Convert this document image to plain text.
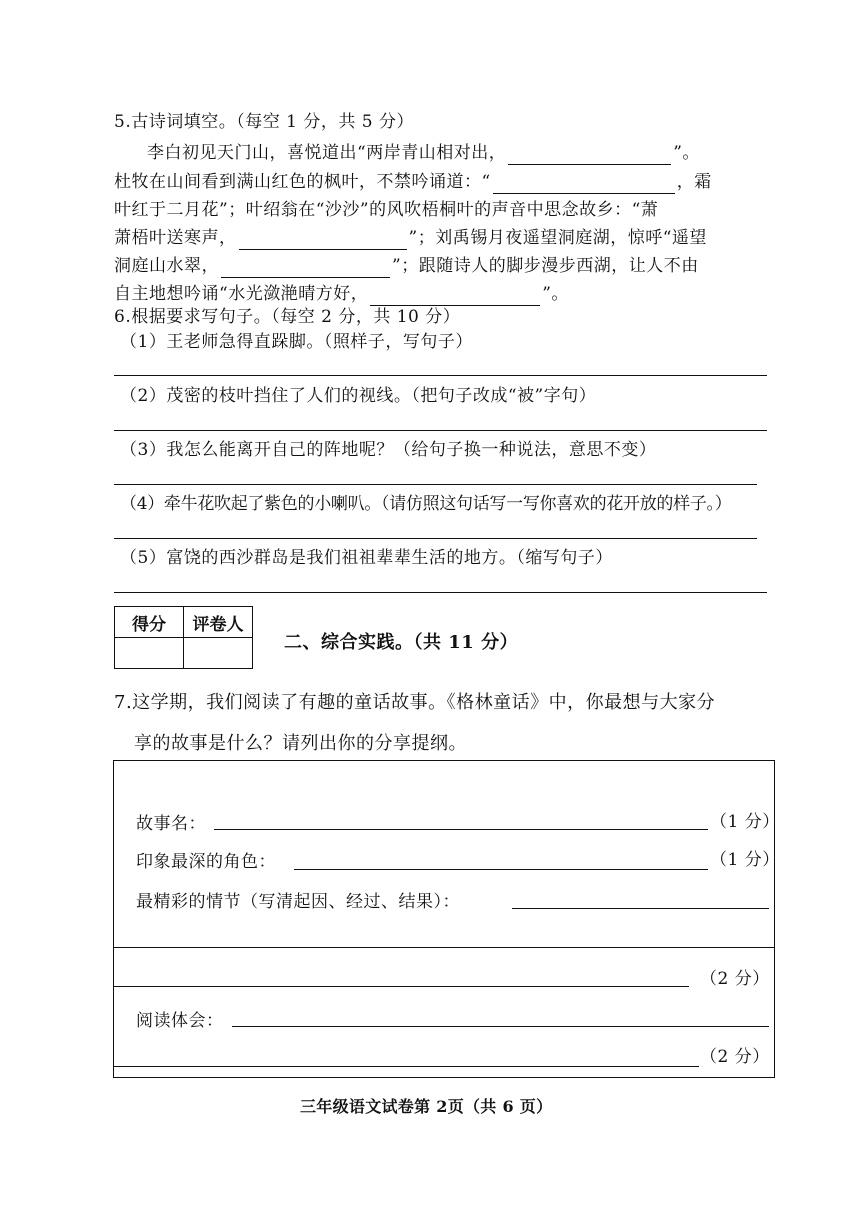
5.古诗词填空。（每空 1 分，共 5 分）
李白初见天门山，喜悦道出“两岸青山相对出，	”。
杜牧在山间看到满山红色的枫叶，不禁吟诵道：“	，霜
叶红于二月花”；叶绍翁在“沙沙”的风吹梧桐叶的声音中思念故乡：“萧
萧梧叶送寒声，	”；刘禹锡月夜遥望洞庭湖，惊呼“遥望
洞庭山水翠，	”；跟随诗人的脚步漫步西湖，让人不由
自主地想吟诵“水光潋滟晴方好，	”。
6.根据要求写句子。（每空 2 分，共 10 分）
（1）王老师急得直跺脚。（照样子，写句子）
（2）茂密的枝叶挡住了人们的视线。（把句子改成“被”字句）
（3）我怎么能离开自己的阵地呢？（给句子换一种说法，意思不变）
（4）牵牛花吹起了紫色的小喇叭。（请仿照这句话写一写你喜欢的花开放的样子。）
（5）富饶的西沙群岛是我们祖祖辈辈生活的地方。（缩写句子）
得分	评卷人

二、综合实践。（共 11 分）
7.这学期，我们阅读了有趣的童话故事。《格林童话》中，你最想与大家分
享的故事是什么？请列出你的分享提纲。
故事名：	（1 分）
印象最深的角色：	（1 分）
最精彩的情节（写清起因、经过、结果）：
（2 分）
阅读体会：
（2 分）
三年级语文试卷第 2页（共 6 页）
